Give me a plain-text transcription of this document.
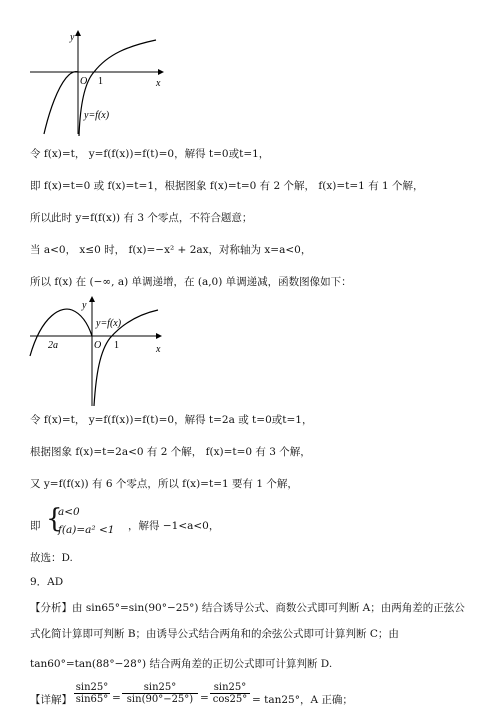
y
x
O 1
y=f(x)
令 f(x)=t， y=f(f(x))=f(t)=0，解得 t=0或t=1，
即 f(x)=t=0 或 f(x)=t=1，根据图象 f(x)=t=0 有 2 个解， f(x)=t=1 有 1 个解，
所以此时 y=f(f(x)) 有 3 个零点，不符合题意；
当 a<0， x≤0 时， f(x)=−x² + 2ax，对称轴为 x=a<0，
所以 f(x) 在 (−∞, a) 单调递增，在 (a,0) 单调递减，函数图像如下：
y
x
O 1
2a
y=f(x)
令 f(x)=t， y=f(f(x))=f(t)=0，解得 t=2a 或 t=0或t=1，
根据图象 f(x)=t=2a<0 有 2 个解， f(x)=t=0 有 3 个解，
又 y=f(f(x)) 有 6 个零点，所以 f(x)=t=1 要有 1 个解，
即 {
a<0
f(a)=a² <1 ，解得 −1<a<0，
故选：D.
9．AD
【分析】由 sin65°=sin(90°−25°) 结合诱导公式、商数公式即可判断 A；由两角差的正弦公
式化简计算即可判断 B；由诱导公式结合两角和的余弦公式即可计算判断 C；由
tan60°=tan(88°−28°) 结合两角差的正切公式即可计算判断 D.
【详解】 $\frac{\sin 25^\circ}{\sin 65^\circ} = \frac{\sin 25^\circ}{\sin(90^\circ-25^\circ)} = \frac{\sin 25^\circ}{\cos 25^\circ} = \tan 25^\circ$，A 正确；
